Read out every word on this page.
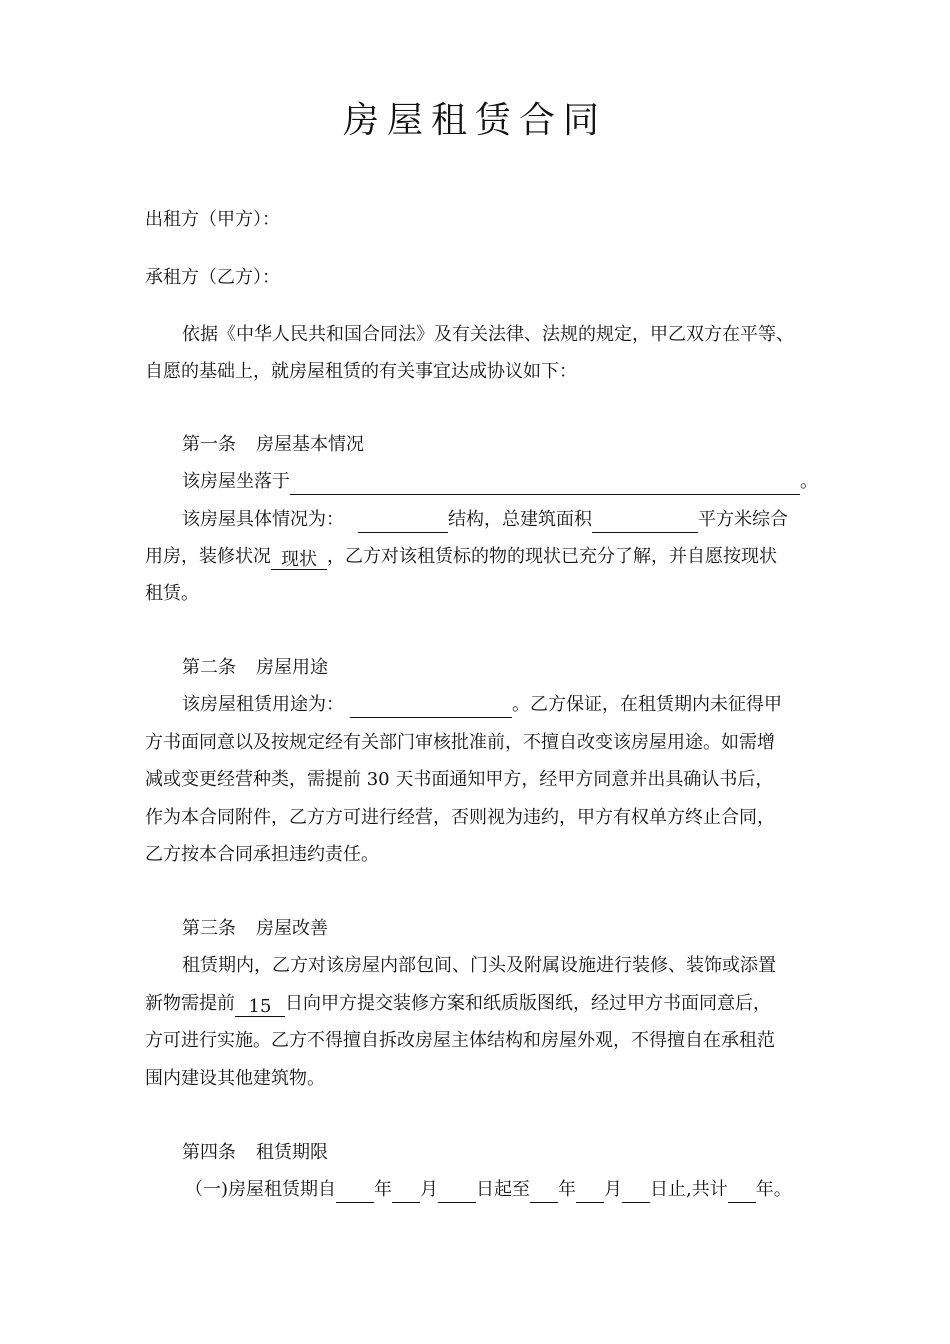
房屋租赁合同
出租方（甲方）：
承租方（乙方）：
依据《中华人民共和国合同法》及有关法律、法规的规定，甲乙双方在平等、
自愿的基础上，就房屋租赁的有关事宜达成协议如下：
第一条 房屋基本情况
该房屋坐落于	。
该房屋具体情况为：	结构，总建筑面积	平方米综合
用房，装修状况 现状 ，乙方对该租赁标的物的现状已充分了解，并自愿按现状
租赁。
第二条 房屋用途
该房屋租赁用途为：	。乙方保证，在租赁期内未征得甲
方书面同意以及按规定经有关部门审核批准前，不擅自改变该房屋用途。如需增
减或变更经营种类，需提前 30 天书面通知甲方，经甲方同意并出具确认书后，
作为本合同附件，乙方方可进行经营，否则视为违约，甲方有权单方终止合同，
乙方按本合同承担违约责任。
第三条 房屋改善
租赁期内，乙方对该房屋内部包间、门头及附属设施进行装修、装饰或添置
新物需提前 15 日向甲方提交装修方案和纸质版图纸，经过甲方书面同意后，
方可进行实施。乙方不得擅自拆改房屋主体结构和房屋外观，不得擅自在承租范
围内建设其他建筑物。
第四条 租赁期限
（一)房屋租赁期自 年 月 日起至 年 月 日止,共计 年。
